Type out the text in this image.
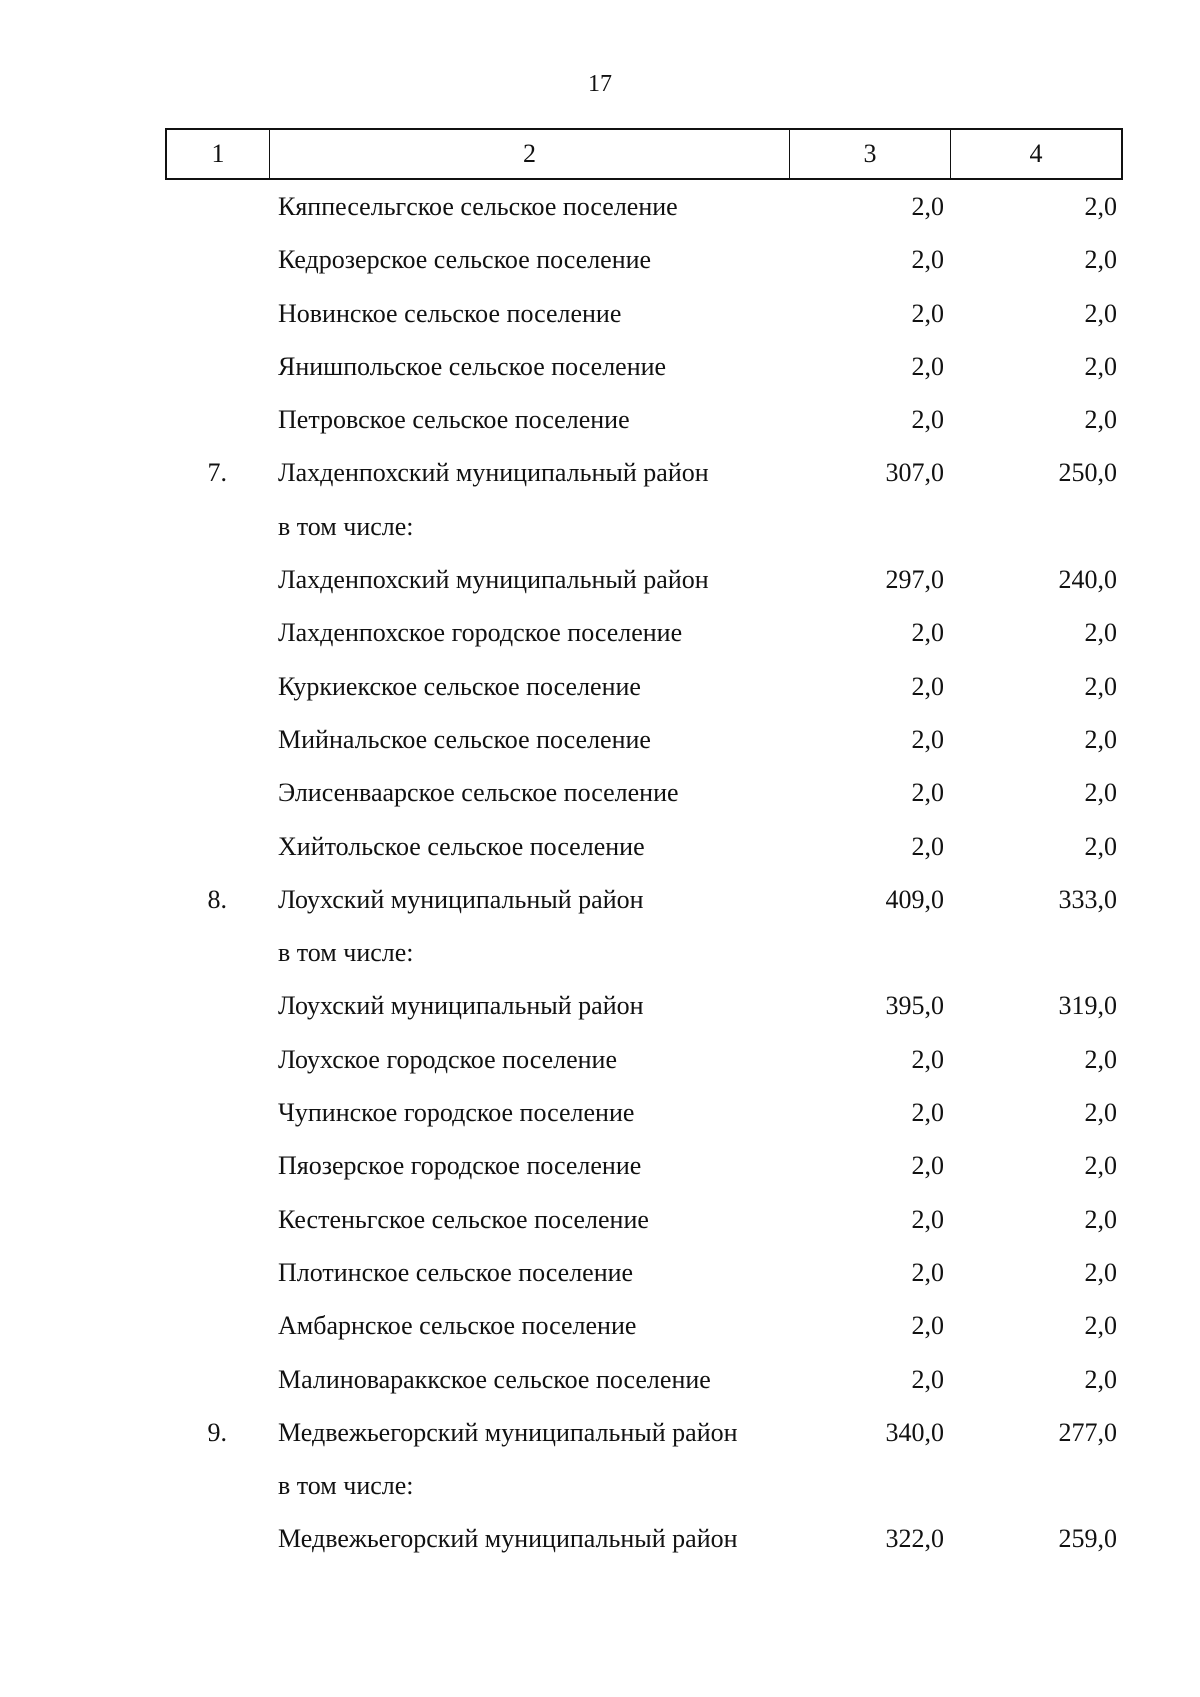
17
1	2	3	4
Кяппесельгское сельское поселение	2,0	2,0
Кедрозерское сельское поселение	2,0	2,0
Новинское сельское поселение	2,0	2,0
Янишпольское сельское поселение	2,0	2,0
Петровское сельское поселение	2,0	2,0
7. Лахденпохский муниципальный район	307,0	250,0
в том числе:
Лахденпохский муниципальный район	297,0	240,0
Лахденпохское городское поселение	2,0	2,0
Куркиекское сельское поселение	2,0	2,0
Мийнальское сельское поселение	2,0	2,0
Элисенваарское сельское поселение	2,0	2,0
Хийтольское сельское поселение	2,0	2,0
8. Лоухский муниципальный район	409,0	333,0
в том числе:
Лоухский муниципальный район	395,0	319,0
Лоухское городское поселение	2,0	2,0
Чупинское городское поселение	2,0	2,0
Пяозерское городское поселение	2,0	2,0
Кестеньгское сельское поселение	2,0	2,0
Плотинское сельское поселение	2,0	2,0
Амбарнское сельское поселение	2,0	2,0
Малиновараккское сельское поселение	2,0	2,0
9. Медвежьегорский муниципальный район	340,0	277,0
в том числе:
Медвежьегорский муниципальный район	322,0	259,0
